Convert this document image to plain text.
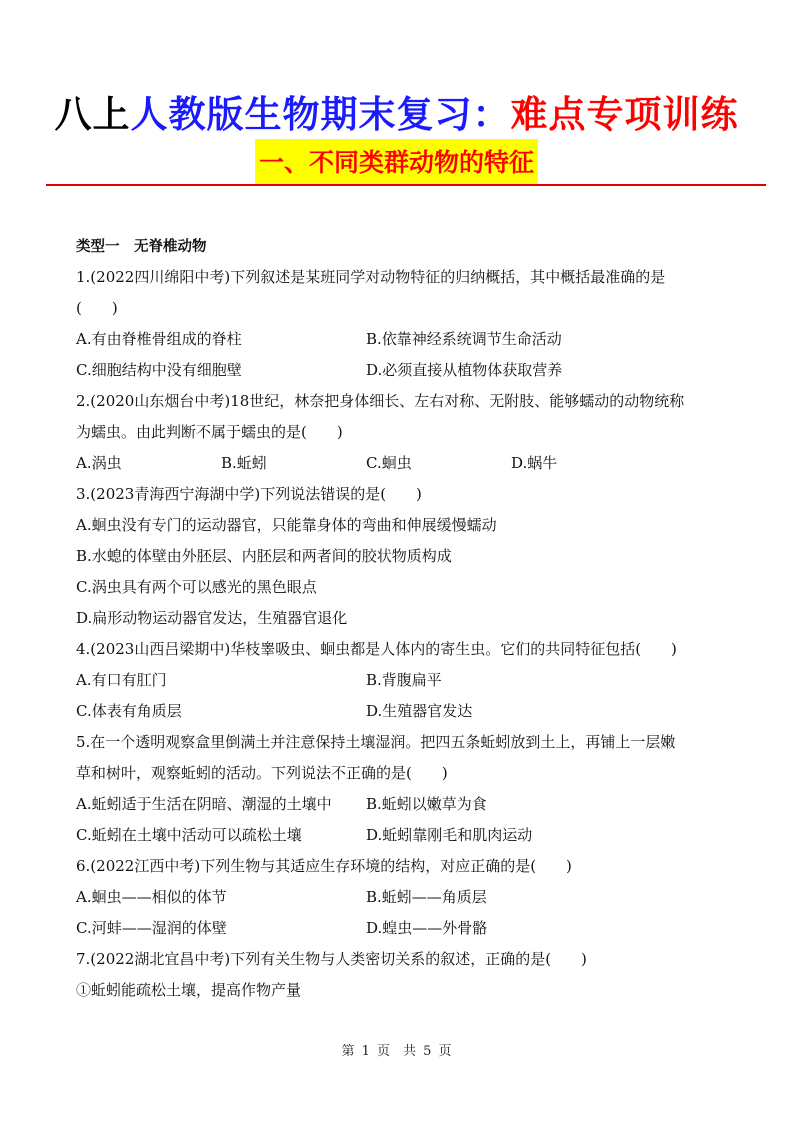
八上人教版生物期末复习：难点专项训练
一、不同类群动物的特征
类型一　无脊椎动物
1.(2022四川绵阳中考)下列叙述是某班同学对动物特征的归纳概括，其中概括最准确的是
(　　)
A.有由脊椎骨组成的脊柱	B.依靠神经系统调节生命活动
C.细胞结构中没有细胞壁	D.必须直接从植物体获取营养
2.(2020山东烟台中考)18世纪，林奈把身体细长、左右对称、无附肢、能够蠕动的动物统称
为蠕虫。由此判断不属于蠕虫的是(　　)
A.涡虫	B.蚯蚓	C.蛔虫	D.蜗牛
3.(2023青海西宁海湖中学)下列说法错误的是(　　)
A.蛔虫没有专门的运动器官，只能靠身体的弯曲和伸展缓慢蠕动
B.水螅的体壁由外胚层、内胚层和两者间的胶状物质构成
C.涡虫具有两个可以感光的黑色眼点
D.扁形动物运动器官发达，生殖器官退化
4.(2023山西吕梁期中)华枝睾吸虫、蛔虫都是人体内的寄生虫。它们的共同特征包括(　　)
A.有口有肛门	B.背腹扁平
C.体表有角质层	D.生殖器官发达
5.在一个透明观察盒里倒满土并注意保持土壤湿润。把四五条蚯蚓放到土上，再铺上一层嫩
草和树叶，观察蚯蚓的活动。下列说法不正确的是(　　)
A.蚯蚓适于生活在阴暗、潮湿的土壤中	B.蚯蚓以嫩草为食
C.蚯蚓在土壤中活动可以疏松土壤	D.蚯蚓靠刚毛和肌肉运动
6.(2022江西中考)下列生物与其适应生存环境的结构，对应正确的是(　　)
A.蛔虫——相似的体节	B.蚯蚓——角质层
C.河蚌——湿润的体壁	D.蝗虫——外骨骼
7.(2022湖北宜昌中考)下列有关生物与人类密切关系的叙述，正确的是(　　)
①蚯蚓能疏松土壤，提高作物产量
第 1 页　共 5 页
